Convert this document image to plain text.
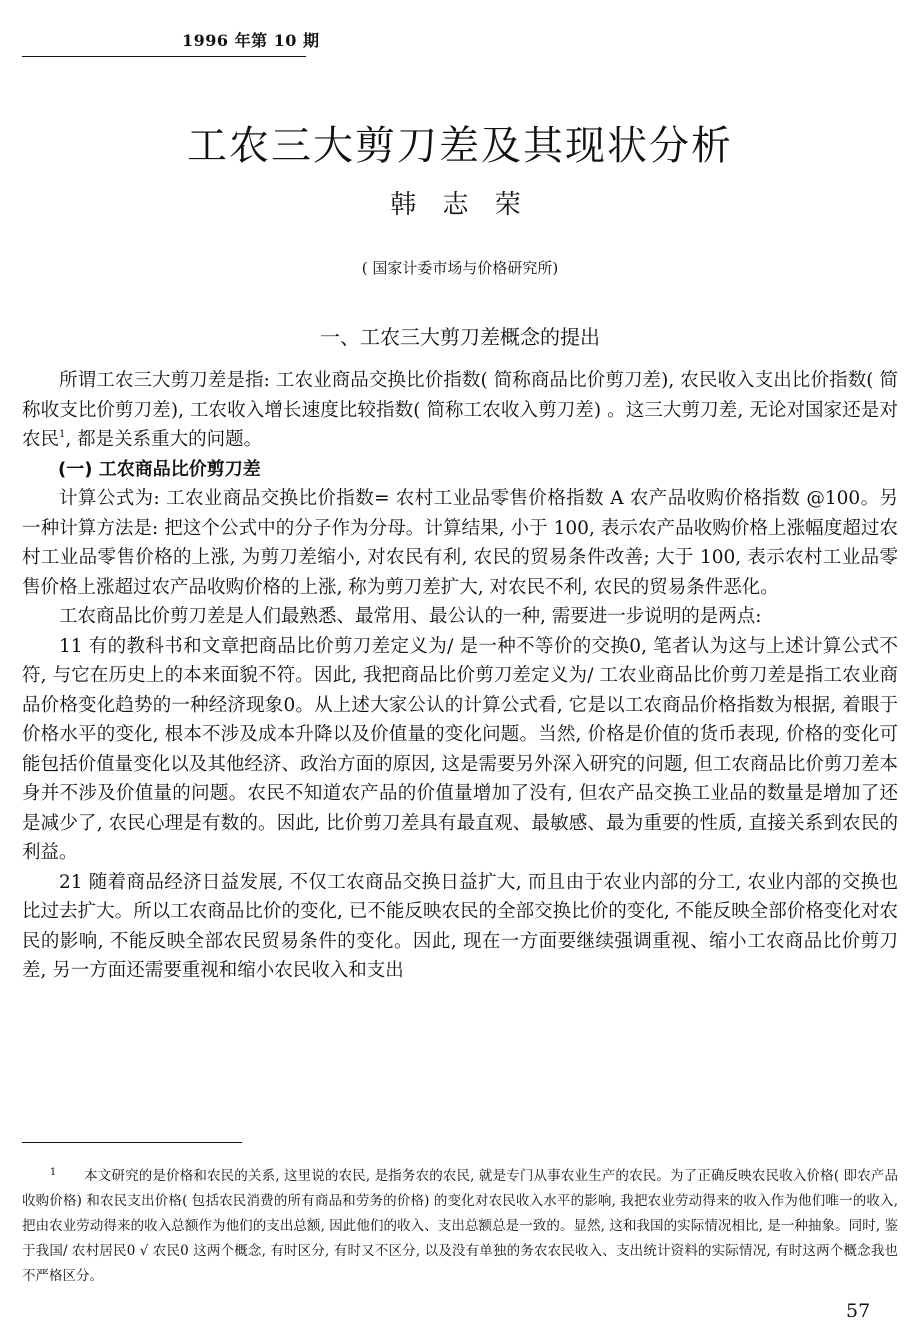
1996 年第 10 期
工农三大剪刀差及其现状分析
韩 志 荣
( 国家计委市场与价格研究所)
一、工农三大剪刀差概念的提出

所谓工农三大剪刀差是指: 工农业商品交换比价指数( 简称商品比价剪刀差), 农民收入支出比价指数( 简称收支比价剪刀差), 工农收入增长速度比较指数( 简称工农收入剪刀差) 。这三大剪刀差, 无论对国家还是对农民$^1$, 都是关系重大的问题。

(一) 工农商品比价剪刀差

计算公式为: 工农业商品交换比价指数= 农村工业品零售价格指数 A 农产品收购价格指数 @100。另一种计算方法是: 把这个公式中的分子作为分母。计算结果, 小于 100, 表示农产品收购价格上涨幅度超过农村工业品零售价格的上涨, 为剪刀差缩小, 对农民有利, 农民的贸易条件改善; 大于 100, 表示农村工业品零售价格上涨超过农产品收购价格的上涨, 称为剪刀差扩大, 对农民不利, 农民的贸易条件恶化。

工农商品比价剪刀差是人们最熟悉、最常用、最公认的一种, 需要进一步说明的是两点:

11 有的教科书和文章把商品比价剪刀差定义为/ 是一种不等价的交换0, 笔者认为这与上述计算公式不符, 与它在历史上的本来面貌不符。因此, 我把商品比价剪刀差定义为/ 工农业商品比价剪刀差是指工农业商品价格变化趋势的一种经济现象0。从上述大家公认的计算公式看, 它是以工农商品价格指数为根据, 着眼于价格水平的变化, 根本不涉及成本升降以及价值量的变化问题。当然, 价格是价值的货币表现, 价格的变化可能包括价值量变化以及其他经济、政治方面的原因, 这是需要另外深入研究的问题, 但工农商品比价剪刀差本身并不涉及价值量的问题。农民不知道农产品的价值量增加了没有, 但农产品交换工业品的数量是增加了还是减少了, 农民心理是有数的。因此, 比价剪刀差具有最直观、最敏感、最为重要的性质, 直接关系到农民的利益。

21 随着商品经济日益发展, 不仅工农商品交换日益扩大, 而且由于农业内部的分工, 农业内部的交换也比过去扩大。所以工农商品比价的变化, 已不能反映农民的全部交换比价的变化, 不能反映全部价格变化对农民的影响, 不能反映全部农民贸易条件的变化。因此, 现在一方面要继续强调重视、缩小工农商品比价剪刀差, 另一方面还需要重视和缩小农民收入和支出

1 本文研究的是价格和农民的关系, 这里说的农民, 是指务农的农民, 就是专门从事农业生产的农民。为了正确反映农民收入价格( 即农产品收购价格) 和农民支出价格( 包括农民消费的所有商品和劳务的价格) 的变化对农民收入水平的影响, 我把农业劳动得来的收入作为他们唯一的收入, 把由农业劳动得来的收入总额作为他们的支出总额, 因此他们的收入、支出总额总是一致的。显然, 这和我国的实际情况相比, 是一种抽象。同时, 鉴于我国/ 农村居民0 √ 农民0 这两个概念, 有时区分, 有时又不区分, 以及没有单独的务农农民收入、支出统计资料的实际情况, 有时这两个概念我也不严格区分。
57
